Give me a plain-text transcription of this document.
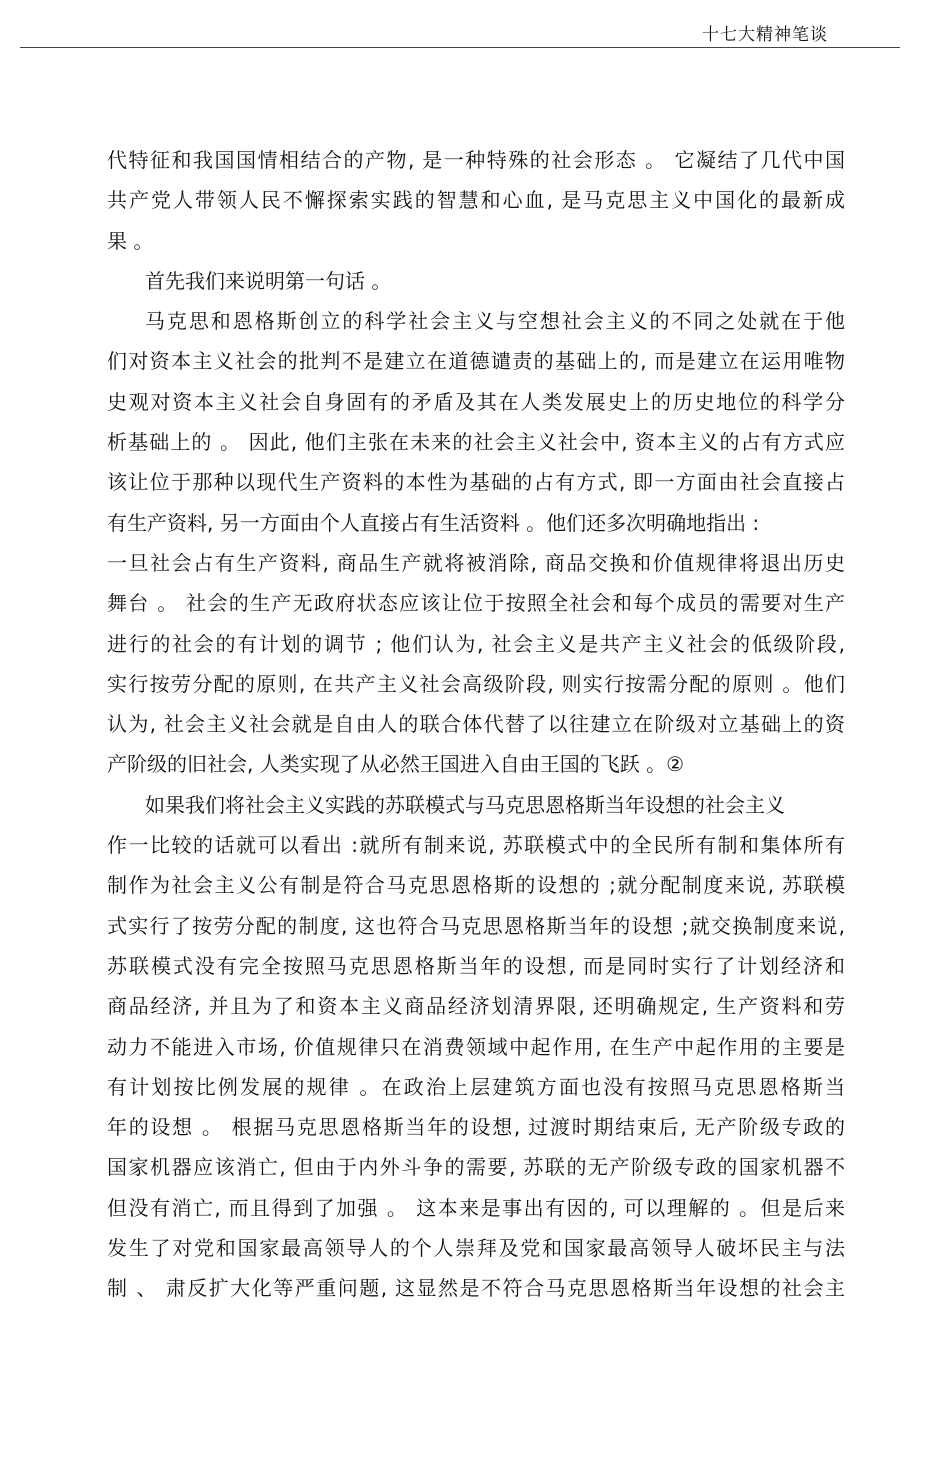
十七大精神笔谈
代特征和我国国情相结合的产物, 是一种特殊的社会形态 。 它凝结了几代中国
共产党人带领人民不懈探索实践的智慧和心血, 是马克思主义中国化的最新成
果 。
首先我们来说明第一句话 。
马克思和恩格斯创立的科学社会主义与空想社会主义的不同之处就在于他
们对资本主义社会的批判不是建立在道德谴责的基础上的, 而是建立在运用唯物
史观对资本主义社会自身固有的矛盾及其在人类发展史上的历史地位的科学分
析基础上的 。 因此, 他们主张在未来的社会主义社会中, 资本主义的占有方式应
该让位于那种以现代生产资料的本性为基础的占有方式, 即一方面由社会直接占
有生产资料, 另一方面由个人直接占有生活资料 。他们还多次明确地指出 :
一旦社会占有生产资料, 商品生产就将被消除, 商品交换和价值规律将退出历史
舞台 。 社会的生产无政府状态应该让位于按照全社会和每个成员的需要对生产
进行的社会的有计划的调节 ; 他们认为, 社会主义是共产主义社会的低级阶段,
实行按劳分配的原则, 在共产主义社会高级阶段, 则实行按需分配的原则 。他们
认为, 社会主义社会就是自由人的联合体代替了以往建立在阶级对立基础上的资
产阶级的旧社会, 人类实现了从必然王国进入自由王国的飞跃 。②
如果我们将社会主义实践的苏联模式与马克思恩格斯当年设想的社会主义
作一比较的话就可以看出 :就所有制来说, 苏联模式中的全民所有制和集体所有
制作为社会主义公有制是符合马克思恩格斯的设想的 ;就分配制度来说, 苏联模
式实行了按劳分配的制度, 这也符合马克思恩格斯当年的设想 ;就交换制度来说,
苏联模式没有完全按照马克思恩格斯当年的设想, 而是同时实行了计划经济和
商品经济, 并且为了和资本主义商品经济划清界限, 还明确规定, 生产资料和劳
动力不能进入市场, 价值规律只在消费领域中起作用, 在生产中起作用的主要是
有计划按比例发展的规律 。在政治上层建筑方面也没有按照马克思恩格斯当
年的设想 。 根据马克思恩格斯当年的设想, 过渡时期结束后, 无产阶级专政的
国家机器应该消亡, 但由于内外斗争的需要, 苏联的无产阶级专政的国家机器不
但没有消亡, 而且得到了加强 。 这本来是事出有因的, 可以理解的 。但是后来
发生了对党和国家最高领导人的个人崇拜及党和国家最高领导人破坏民主与法
制 、 肃反扩大化等严重问题, 这显然是不符合马克思恩格斯当年设想的社会主
